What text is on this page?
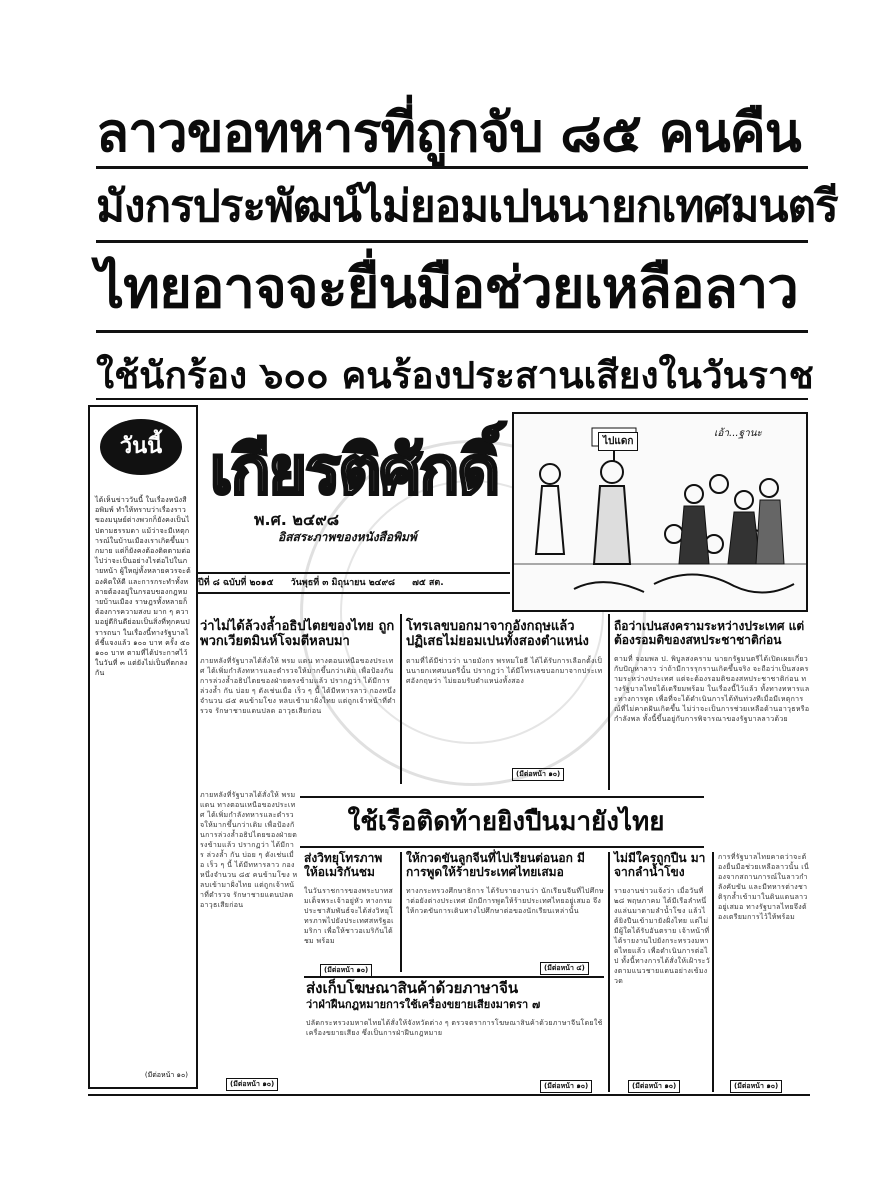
ลาวขอทหารที่ถูกจับ ๘๕ คนคืน
มังกรประพัฒน์ไม่ยอมเปนนายกเทศมนตรี
ไทยอาจจะยื่นมือช่วยเหลือลาว
ใช้นักร้อง ๖๐๐ คนร้องประสานเสียงในวันราช
วันนี้
ได้เห็นข่าววันนี้ ในเรื่องหนังสือพิมพ์ ทำให้ทราบว่าเรื่องราวของมนุษย์ต่างพวกก็ยังคงเป็นไปตามธรรมดา แม้ว่าจะมีเหตุการณ์ในบ้านเมืองเราเกิดขึ้นมากมาย แต่ก็ยังคงต้องติดตามต่อไปว่าจะเป็นอย่างไรต่อไปในภายหน้า ผู้ใหญ่ทั้งหลายควรจะต้องคิดให้ดี และการกระทำทั้งหลายต้องอยู่ในกรอบของกฎหมายบ้านเมือง ราษฎรทั้งหลายก็ต้องการความสงบ มาก ๆ ความอยู่ดีกินดีย่อมเป็นสิ่งที่ทุกคนปรารถนา ในเรื่องนี้ทางรัฐบาลได้ชี้แจงแล้ว ๑๐๐ บาท ครั้ง ๕๐ ๑๐๐ บาท ตามที่ได้ประกาศไว้ ในวันที่ ๓ แต่ยังไม่เป็นที่ตกลงกัน
(มีต่อหน้า ๑๐)
เกียรติศักดิ์
พ.ศ. ๒๔๙๘
อิสสระภาพของหนังสือพิมพ์
ปีที่ ๘ ฉบับที่ ๒๐๑๕ วันพุธที่ ๓ มิถุนายน ๒๔๙๘ ๗๕ สต.
ไปแดก
เอ้า...ฐานะ
ว่าไม่ได้ล้วงล้ำอธิปไตยของไทย ถูกพวกเวียตมินห์โจมตีหลบมา
ภายหลังที่รัฐบาลได้สั่งให้ พรม แดน ทางตอนเหนือของประเทศ ได้เพิ่มกำลังทหารและตำรวจให้มากขึ้นกว่าเดิม เพื่อป้องกันการล่วงล้ำอธิปไตยของฝ่ายตรงข้ามแล้ว ปรากฏว่า ได้มีการ ล่วงล้ำ กัน บ่อย ๆ ดังเช่นเมื่อ เร็ว ๆ นี้ ได้มีทหารลาว กองหนึ่งจำนวน ๘๕ คนข้ามโขง หลบเข้ามาฝั่งไทย แต่ถูกเจ้าหน้าที่ตำรวจ รักษาชายแดนปลด อาวุธเสียก่อน
โทรเลขบอกมาจากอังกฤษแล้ว ปฏิเสธไม่ยอมเปนทั้งสองตำแหน่ง
ตามที่ได้มีข่าวว่า นายมังกร พรหมโยธี ได้ได้รับการเลือกตั้งเป็นนายกเทศมนตรีนั้น ปรากฏว่า ได้มีโทรเลขบอกมาจากประเทศอังกฤษว่า ไม่ยอมรับตำแหน่งทั้งสอง
(มีต่อหน้า ๑๐)
ถือว่าเปนสงครามระหว่างประเทศ แต่ต้องรอมติของสหประชาชาติก่อน
ตามที่ จอมพล ป. พิบูลสงคราม นายกรัฐมนตรีได้เปิดเผยเกี่ยวกับปัญหาลาว ว่าถ้ามีการรุกรานเกิดขึ้นจริง จะถือว่าเป็นสงครามระหว่างประเทศ แต่จะต้องรอมติของสหประชาชาติก่อน ทางรัฐบาลไทยได้เตรียมพร้อม ในเรื่องนี้ไว้แล้ว ทั้งทางทหารและทางการทูต เพื่อที่จะได้ดำเนินการได้ทันท่วงทีเมื่อมีเหตุการณ์ที่ไม่คาดฝันเกิดขึ้น ไม่ว่าจะเป็นการช่วยเหลือด้านอาวุธหรือกำลังพล ทั้งนี้ขึ้นอยู่กับการพิจารณาของรัฐบาลลาวด้วย
ใช้เรือติดท้ายยิงปืนมายังไทย
ภายหลังที่รัฐบาลได้สั่งให้ พรม แดน ทางตอนเหนือของประเทศ ได้เพิ่มกำลังทหารและตำรวจให้มากขึ้นกว่าเดิม เพื่อป้องกันการล่วงล้ำอธิปไตยของฝ่ายตรงข้ามแล้ว ปรากฏว่า ได้มีการ ล่วงล้ำ กัน บ่อย ๆ ดังเช่นเมื่อ เร็ว ๆ นี้ ได้มีทหารลาว กองหนึ่งจำนวน ๘๕ คนข้ามโขง หลบเข้ามาฝั่งไทย แต่ถูกเจ้าหน้าที่ตำรวจ รักษาชายแดนปลด อาวุธเสียก่อน
(มีต่อหน้า ๑๐)
ส่งวิทยุโทรภาพ ให้อเมริกันชม
ในวันราชการของพระบาทสมเด็จพระเจ้าอยู่หัว ทางกรมประชาสัมพันธ์จะได้ส่งวิทยุโทรภาพไปยังประเทศสหรัฐอเมริกา เพื่อให้ชาวอเมริกันได้ชม พร้อม
(มีต่อหน้า ๑๐)
ให้กวดขันลูกจีนที่ไปเรียนต่อนอก มีการพูดให้ร้ายประเทศไทยเสมอ
ทางกระทรวงศึกษาธิการ ได้รับรายงานว่า นักเรียนจีนที่ไปศึกษาต่อยังต่างประเทศ มักมีการพูดให้ร้ายประเทศไทยอยู่เสมอ จึงให้กวดขันการเดินทางไปศึกษาต่อของนักเรียนเหล่านั้น
(มีต่อหน้า ๔)
ส่งเก็บโฆษณาสินค้าด้วยภาษาจีน
ว่าฝ่าฝืนกฎหมายการใช้เครื่องขยายเสียงมาตรา ๗
ปลัดกระทรวงมหาดไทยได้สั่งให้จังหวัดต่าง ๆ ตรวจตราการโฆษณาสินค้าด้วยภาษาจีนโดยใช้เครื่องขยายเสียง ซึ่งเป็นการฝ่าฝืนกฎหมาย
(มีต่อหน้า ๑๐)
ไม่มีใครถูกปืน มาจากลำน้ำโขง
รายงานข่าวแจ้งว่า เมื่อวันที่ ๒๘ พฤษภาคม ได้มีเรือลำหนึ่งแล่นมาตามลำน้ำโขง แล้วได้ยิงปืนเข้ามายังฝั่งไทย แต่ไม่มีผู้ใดได้รับอันตราย เจ้าหน้าที่ได้รายงานไปยังกระทรวงมหาดไทยแล้ว เพื่อดำเนินการต่อไป ทั้งนี้ทางการได้สั่งให้เฝ้าระวังตามแนวชายแดนอย่างเข้มงวด
(มีต่อหน้า ๑๐)
การที่รัฐบาลไทยคาดว่าจะต้องยื่นมือช่วยเหลือลาวนั้น เนื่องจากสถานการณ์ในลาวกำลังคับขัน และมีทหารต่างชาติรุกล้ำเข้ามาในดินแดนลาวอยู่เสมอ ทางรัฐบาลไทยจึงต้องเตรียมการไว้ให้พร้อม
(มีต่อหน้า ๑๐)
